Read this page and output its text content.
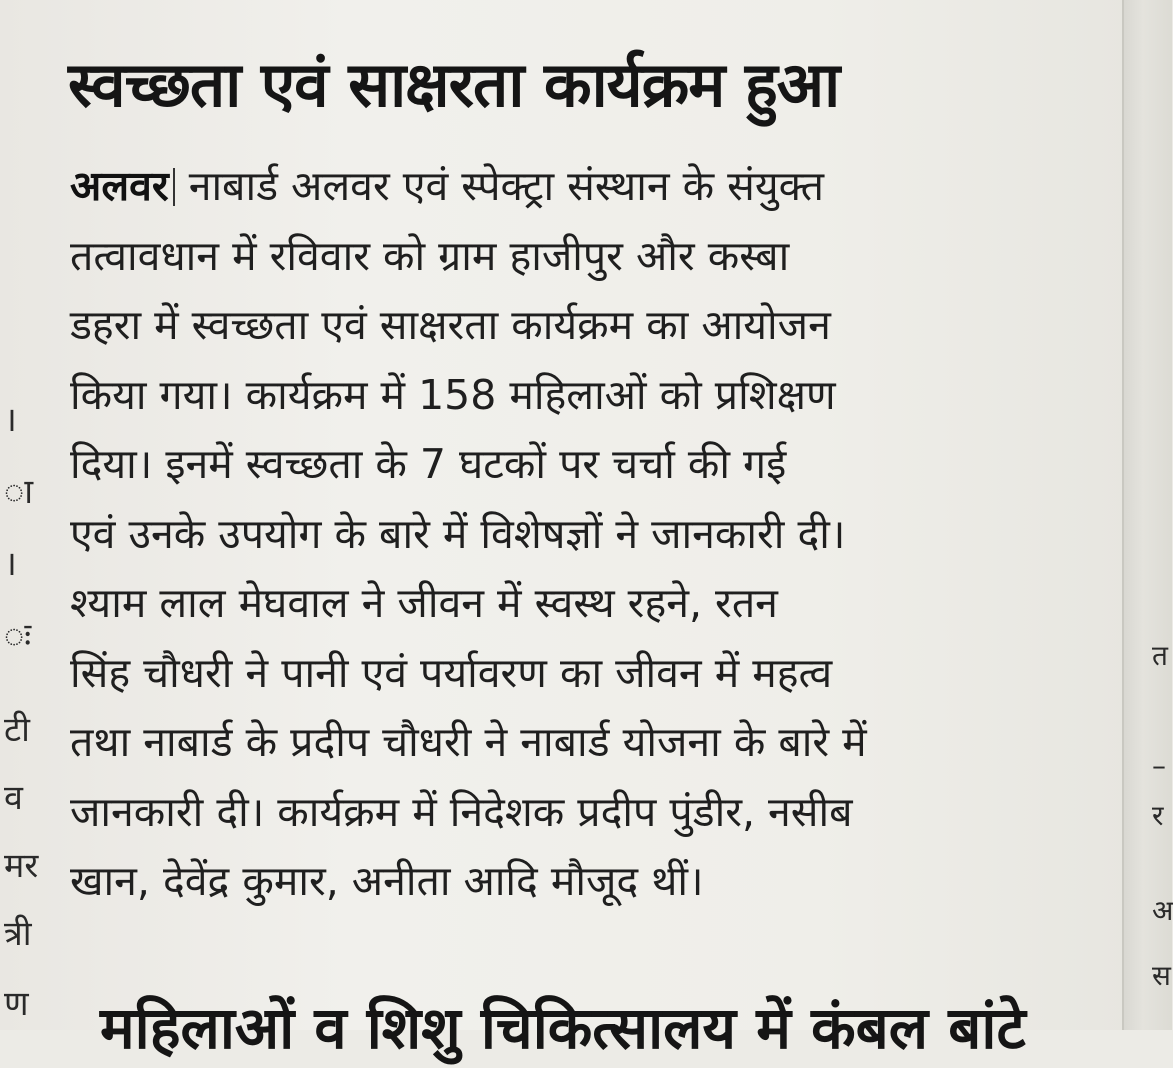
।
ा
।
ः
टी
व
मर
त्री
ण
त
–
र
अ
स
स्वच्छता एवं साक्षरता कार्यक्रम हुआ
अलवर नाबार्ड अलवर एवं स्पेक्ट्रा संस्थान के संयुक्त
तत्वावधान में रविवार को ग्राम हाजीपुर और कस्बा
डहरा में स्वच्छता एवं साक्षरता कार्यक्रम का आयोजन
किया गया। कार्यक्रम में 158 महिलाओं को प्रशिक्षण
दिया। इनमें स्वच्छता के 7 घटकों पर चर्चा की गई
एवं उनके उपयोग के बारे में विशेषज्ञों ने जानकारी दी।
श्याम लाल मेघवाल ने जीवन में स्वस्थ रहने, रतन
सिंह चौधरी ने पानी एवं पर्यावरण का जीवन में महत्व
तथा नाबार्ड के प्रदीप चौधरी ने नाबार्ड योजना के बारे में
जानकारी दी। कार्यक्रम में निदेशक प्रदीप पुंडीर, नसीब
खान, देवेंद्र कुमार, अनीता आदि मौजूद थीं।
महिलाओं व शिशु चिकित्सालय में कंबल बांटे
